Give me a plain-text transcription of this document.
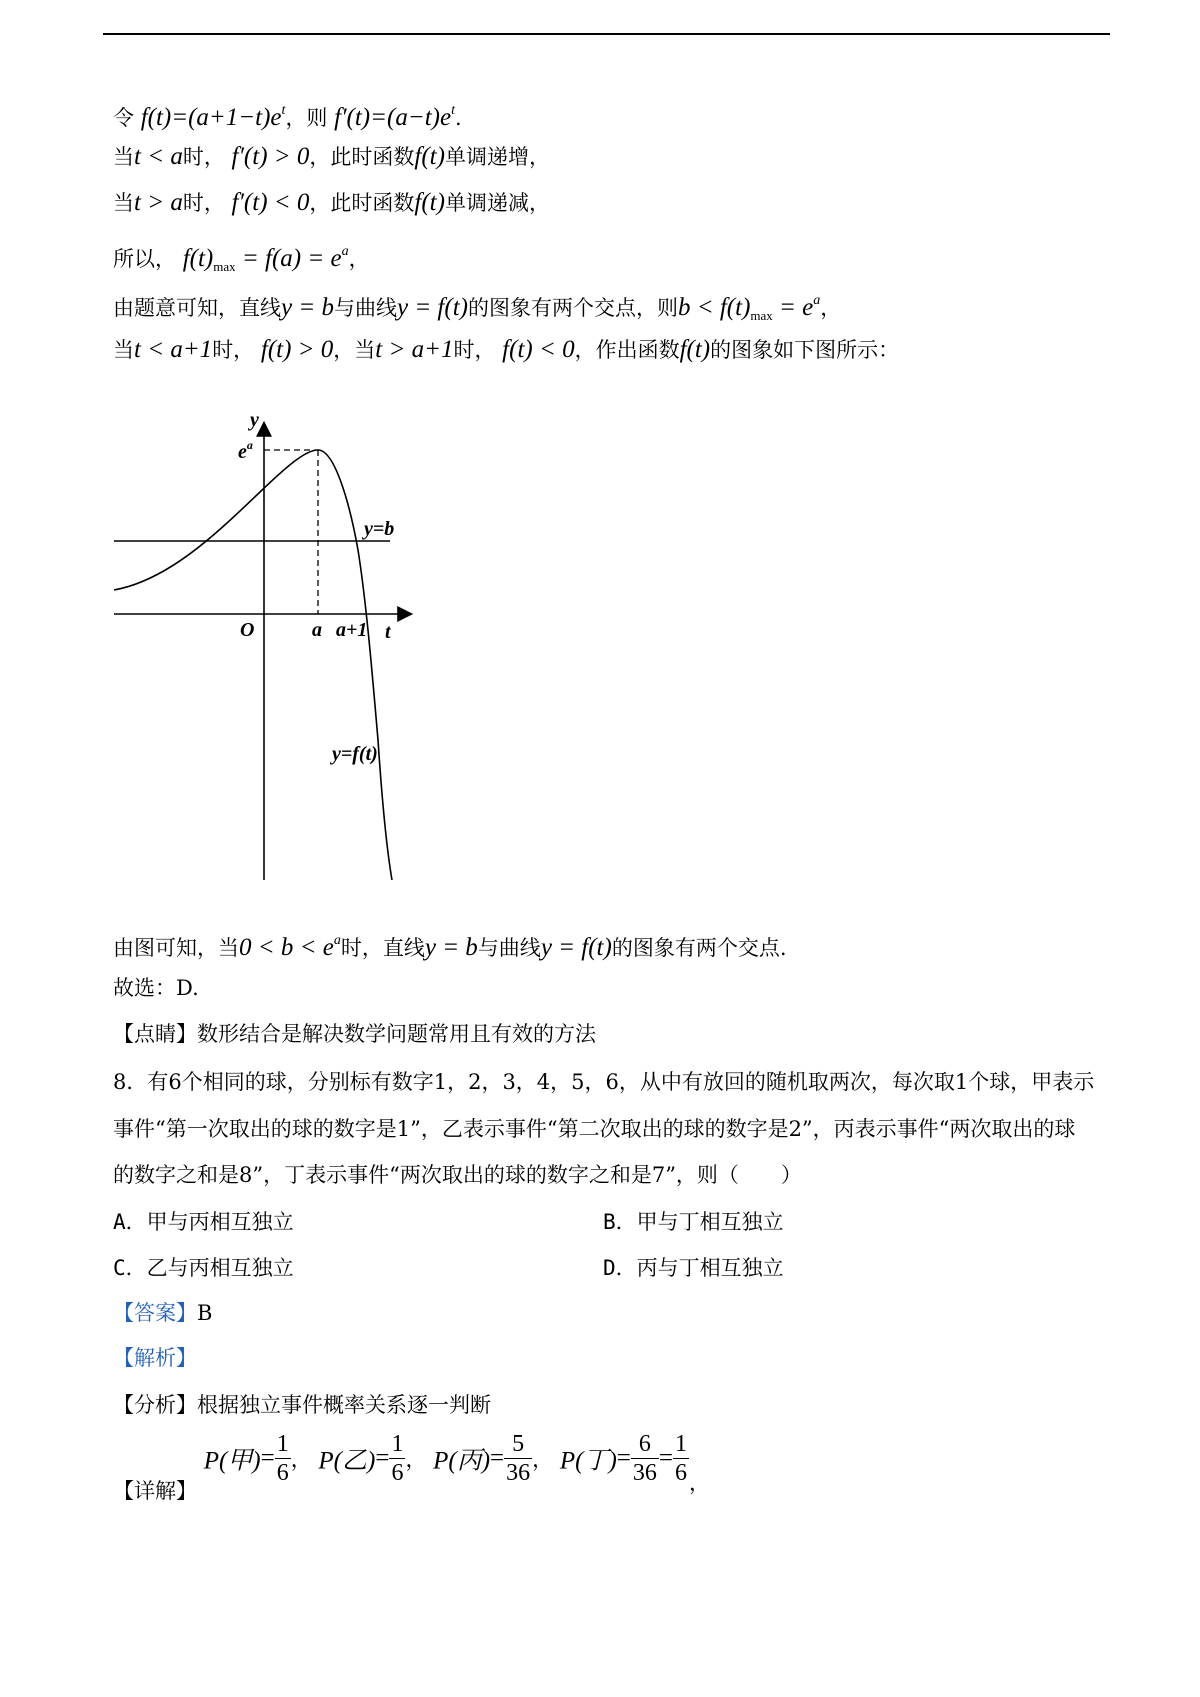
令 $f(t)=(a+1-t)e^t$，则 $f'(t)=(a-t)e^t$.
当t < a时， f′(t) > 0，此时函数f(t)单调递增，
当t > a时， f′(t) < 0，此时函数f(t)单调递减，
所以， $f(t)_{max} = f(a) = e^a$，
由题意可知，直线y = b与曲线y = f(t)的图象有两个交点，则$b < f(t)_{max} = e^a$，
当t < a+1时， f(t) > 0，当t > a+1时， f(t) < 0，作出函数f(t)的图象如下图所示：
y
t
O
$e^a$
a a+1
y=b
y=f(t)
由图可知，当$0 < b < e^a$时，直线y = b与曲线y = f(t)的图象有两个交点.
故选：D.
【点睛】数形结合是解决数学问题常用且有效的方法
8．有6个相同的球，分别标有数字1，2，3，4，5，6，从中有放回的随机取两次，每次取1个球，甲表示
事件“第一次取出的球的数字是1”，乙表示事件“第二次取出的球的数字是2”，丙表示事件“两次取出的球
的数字之和是8”，丁表示事件“两次取出的球的数字之和是7”，则（　　）
A．甲与丙相互独立	B．甲与丁相互独立
C．乙与丙相互独立	D．丙与丁相互独立
【答案】B
【解析】
【分析】根据独立事件概率关系逐一判断
【详解】 P(甲)= $\frac{1}{6}$ ， P(乙)= $\frac{1}{6}$ ， P(丙)= $\frac{5}{36}$ ， P(丁)= $\frac{6}{36} = \frac{1}{6}$ ，
